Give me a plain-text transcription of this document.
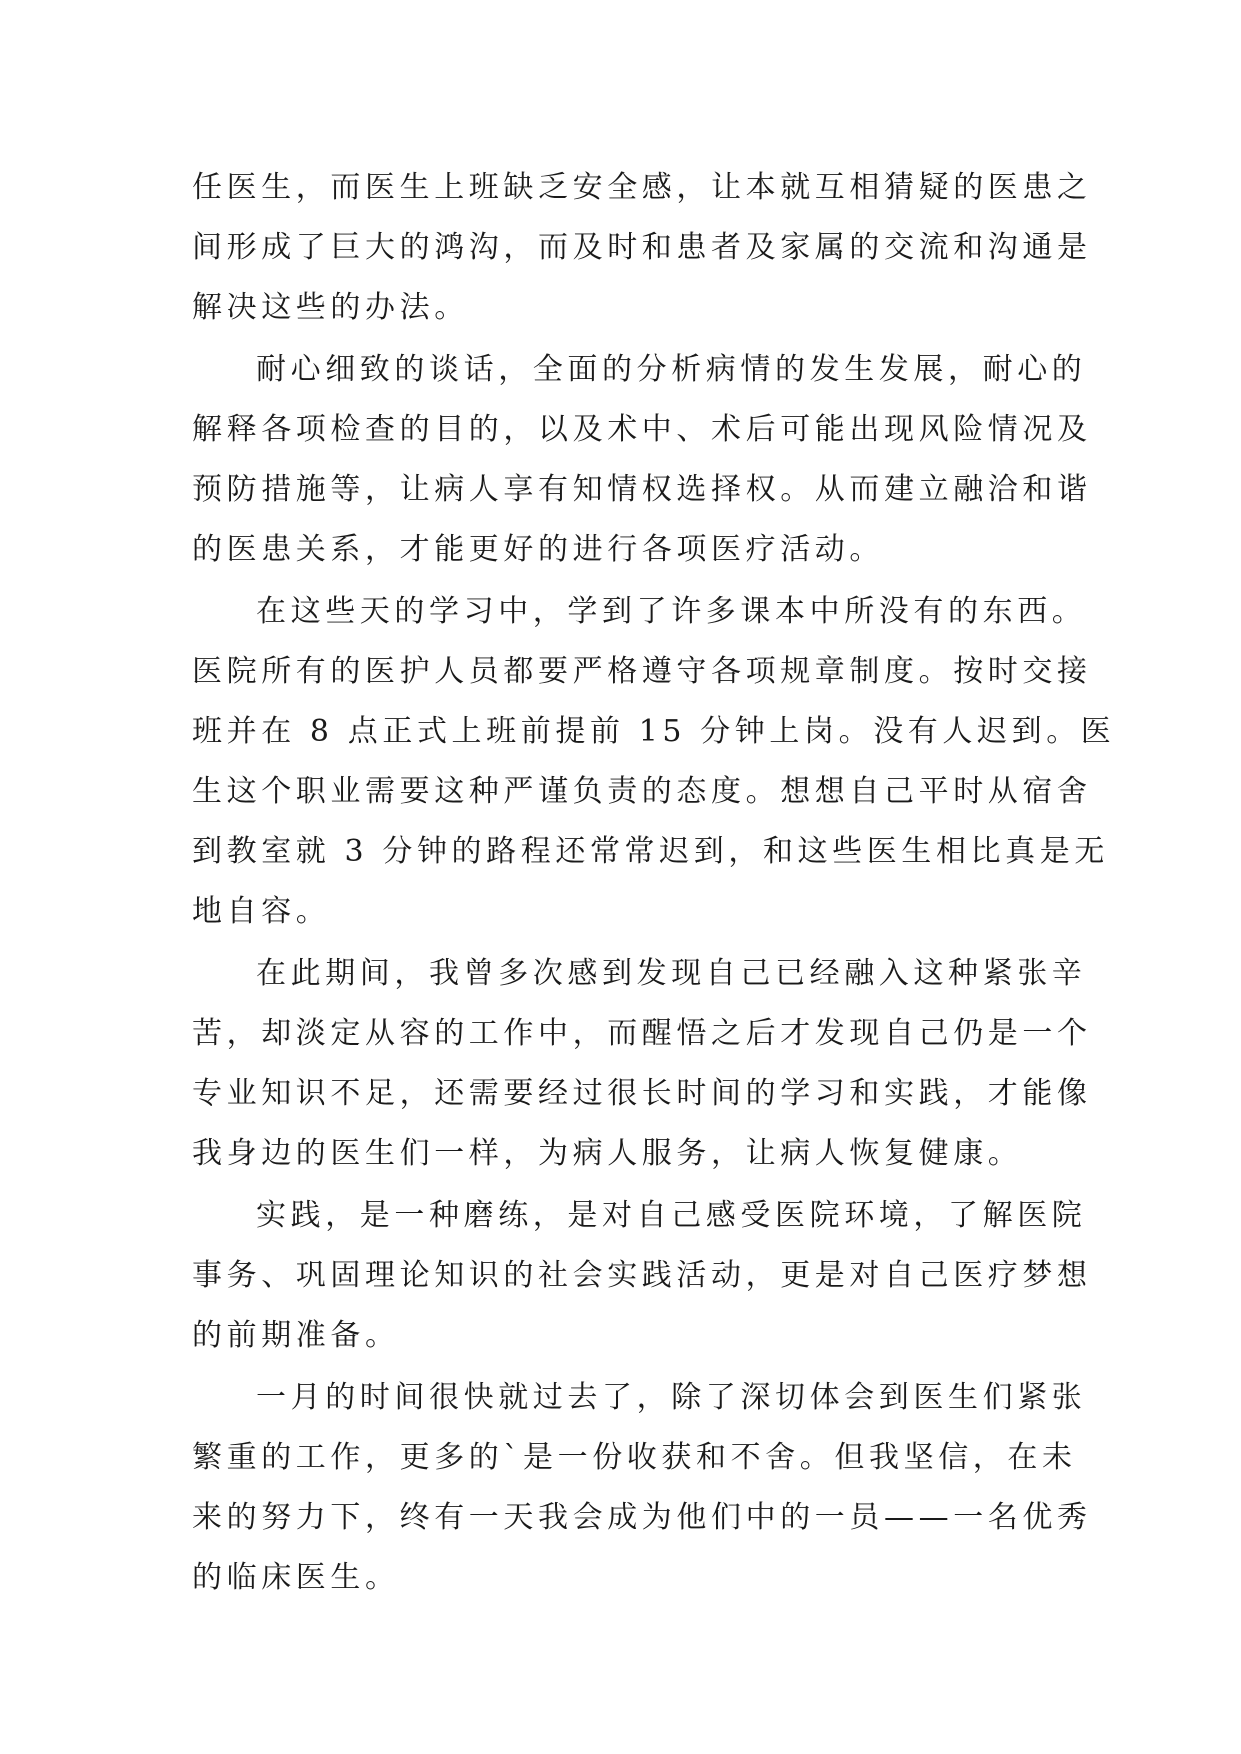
任医生，而医生上班缺乏安全感，让本就互相猜疑的医患之
间形成了巨大的鸿沟，而及时和患者及家属的交流和沟通是
解决这些的办法。
耐心细致的谈话，全面的分析病情的发生发展，耐心的
解释各项检查的目的，以及术中、术后可能出现风险情况及
预防措施等，让病人享有知情权选择权。从而建立融洽和谐
的医患关系，才能更好的进行各项医疗活动。
在这些天的学习中，学到了许多课本中所没有的东西。
医院所有的医护人员都要严格遵守各项规章制度。按时交接
班并在 8 点正式上班前提前 15 分钟上岗。没有人迟到。医
生这个职业需要这种严谨负责的态度。想想自己平时从宿舍
到教室就 3 分钟的路程还常常迟到，和这些医生相比真是无
地自容。
在此期间，我曾多次感到发现自己已经融入这种紧张辛
苦，却淡定从容的工作中，而醒悟之后才发现自己仍是一个
专业知识不足，还需要经过很长时间的学习和实践，才能像
我身边的医生们一样，为病人服务，让病人恢复健康。
实践，是一种磨练，是对自己感受医院环境，了解医院
事务、巩固理论知识的社会实践活动，更是对自己医疗梦想
的前期准备。
一月的时间很快就过去了，除了深切体会到医生们紧张
繁重的工作，更多的`是一份收获和不舍。但我坚信，在未
来的努力下，终有一天我会成为他们中的一员——一名优秀
的临床医生。
